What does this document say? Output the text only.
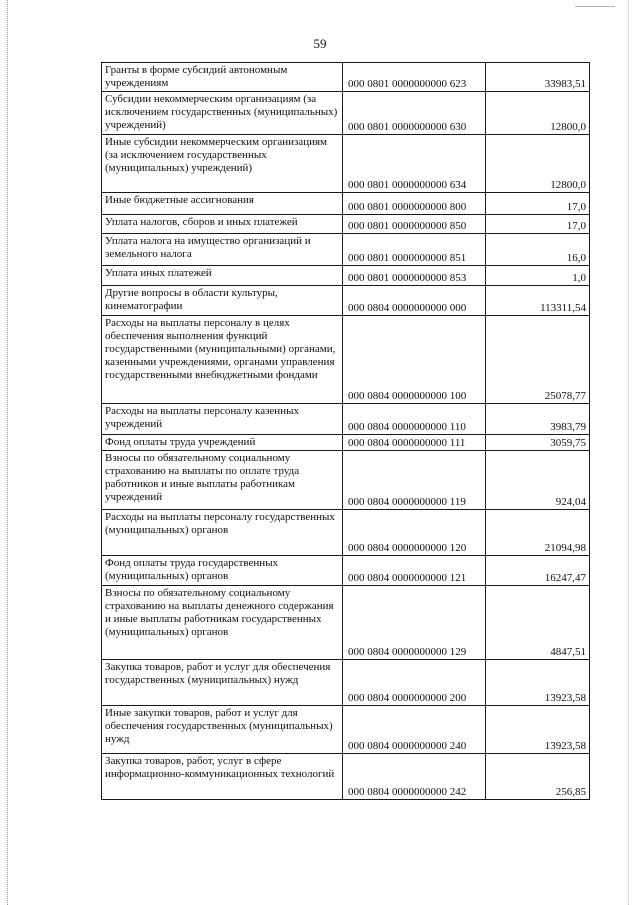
59
Гранты в форме субсидий автономным учреждениям	000 0801 0000000000 623	33983,51
Субсидии некоммерческим организациям (за исключением государственных (муниципальных) учреждений)	000 0801 0000000000 630	12800,0
Иные субсидии некоммерческим организациям (за исключением государственных (муниципальных) учреждений)	000 0801 0000000000 634	12800,0
Иные бюджетные ассигнования	000 0801 0000000000 800	17,0
Уплата налогов, сборов и иных платежей	000 0801 0000000000 850	17,0
Уплата налога на имущество организаций и земельного налога	000 0801 0000000000 851	16,0
Уплата иных платежей	000 0801 0000000000 853	1,0
Другие вопросы в области культуры, кинематографии	000 0804 0000000000 000	113311,54
Расходы на выплаты персоналу в целях обеспечения выполнения функций государственными (муниципальными) органами, казенными учреждениями, органами управления государственными внебюджетными фондами	000 0804 0000000000 100	25078,77
Расходы на выплаты персоналу казенных учреждений	000 0804 0000000000 110	3983,79
Фонд оплаты труда учреждений	000 0804 0000000000 111	3059,75
Взносы по обязательному социальному страхованию на выплаты по оплате труда работников и иные выплаты работникам учреждений	000 0804 0000000000 119	924,04
Расходы на выплаты персоналу государственных (муниципальных) органов	000 0804 0000000000 120	21094,98
Фонд оплаты труда государственных (муниципальных) органов	000 0804 0000000000 121	16247,47
Взносы по обязательному социальному страхованию на выплаты денежного содержания и иные выплаты работникам государственных (муниципальных) органов	000 0804 0000000000 129	4847,51
Закупка товаров, работ и услуг для обеспечения государственных (муниципальных) нужд	000 0804 0000000000 200	13923,58
Иные закупки товаров, работ и услуг для обеспечения государственных (муниципальных) нужд	000 0804 0000000000 240	13923,58
Закупка товаров, работ, услуг в сфере информационно-коммуникационных технологий	000 0804 0000000000 242	256,85
